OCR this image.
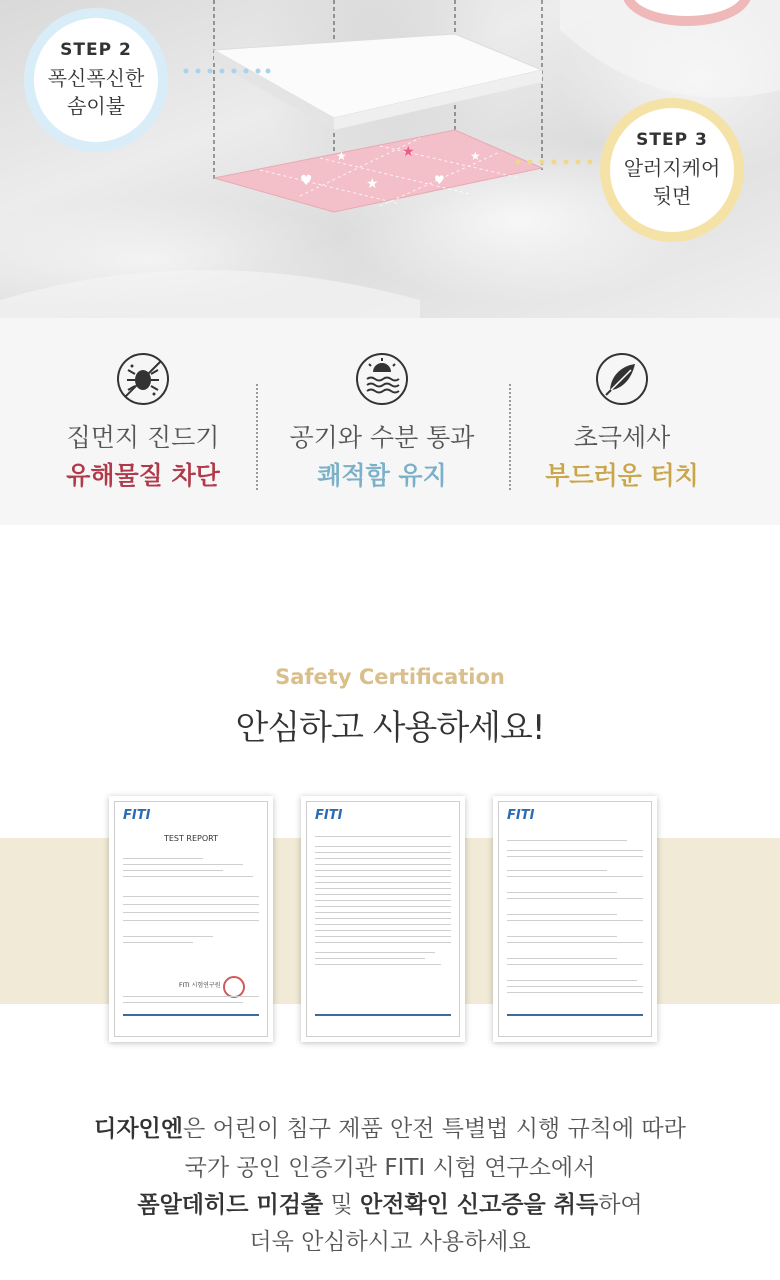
♥
★	★
★	♥
★
STEP 2
폭신폭신한
솜이불
STEP 3
알러지케어
뒷면
집먼지 진드기
유해물질 차단
공기와 수분 통과
쾌적함 유지
초극세사
부드러운 터치
Safety Certification
안심하고 사용하세요!
FITI
TEST REPORT
FITI 시험연구원
FITI	FITI
디자인엔은 어린이 침구 제품 안전 특별법 시행 규칙에 따라
국가 공인 인증기관 FITI 시험 연구소에서
폼알데히드 미검출 및 안전확인 신고증을 취득하여
더욱 안심하시고 사용하세요
